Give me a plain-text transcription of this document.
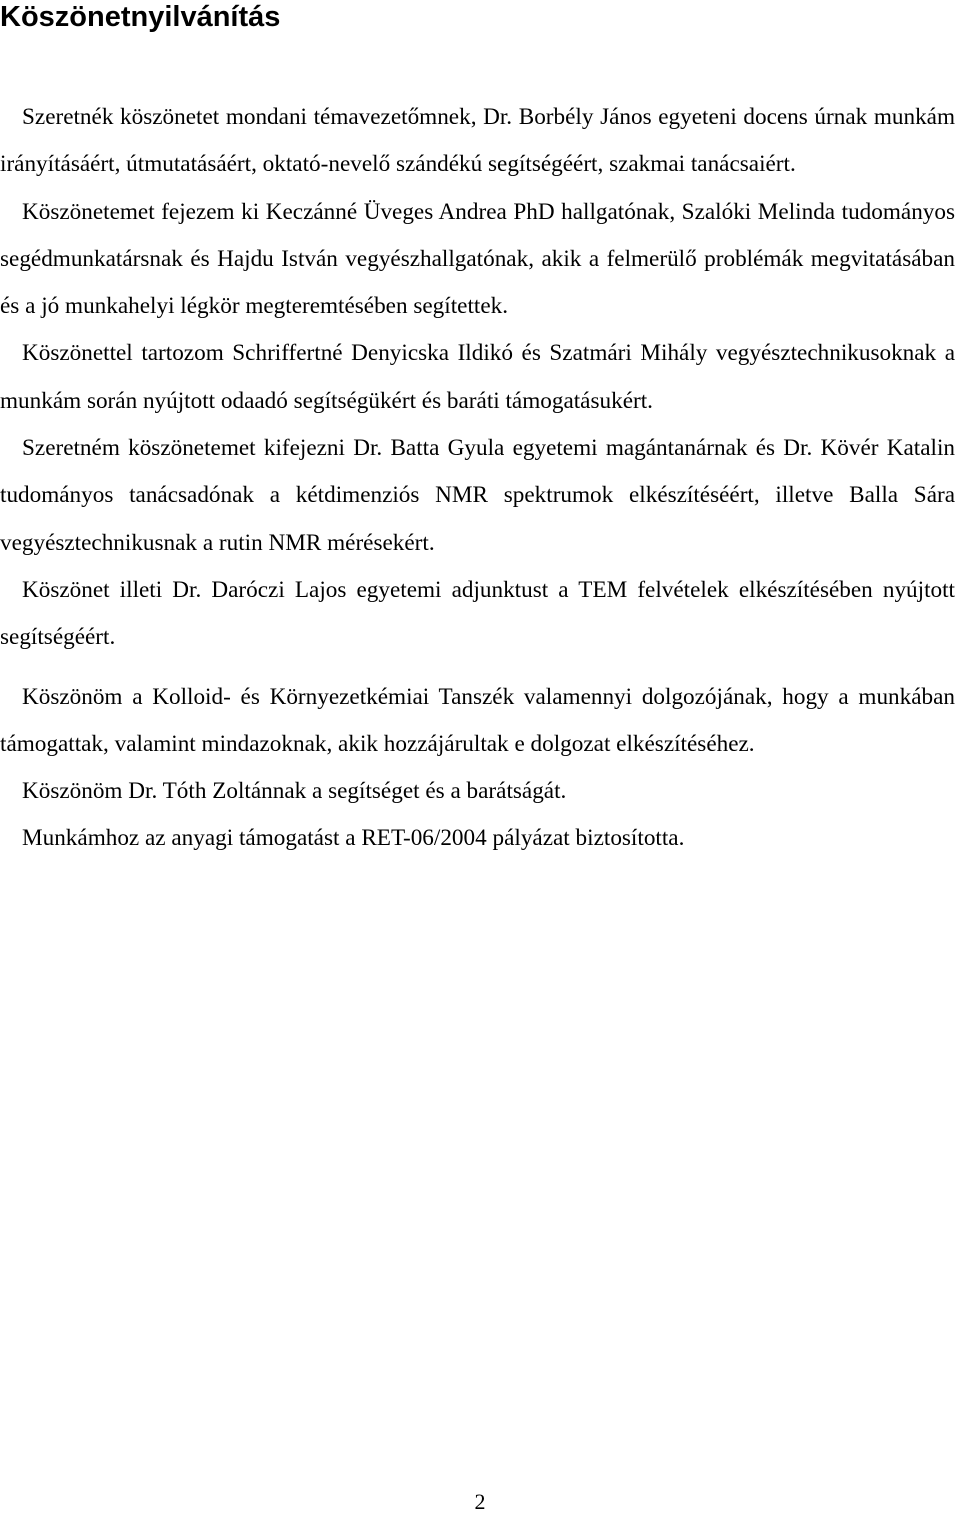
Köszönetnyilvánítás

Szeretnék köszönetet mondani témavezetőmnek, Dr. Borbély János egyeteni docens úrnak munkám irányításáért, útmutatásáért, oktató-nevelő szándékú segítségéért, szakmai tanácsaiért.

Köszönetemet fejezem ki Keczánné Üveges Andrea PhD hallgatónak, Szalóki Melinda tudományos segédmunkatársnak és Hajdu István vegyészhallgatónak, akik a felmerülő problémák megvitatásában és a jó munkahelyi légkör megteremtésében segítettek.

Köszönettel tartozom Schriffertné Denyicska Ildikó és Szatmári Mihály vegyésztechnikusoknak a munkám során nyújtott odaadó segítségükért és baráti támogatásukért.

Szeretném köszönetemet kifejezni Dr. Batta Gyula egyetemi magántanárnak és Dr. Kövér Katalin tudományos tanácsadónak a kétdimenziós NMR spektrumok elkészítéséért, illetve Balla Sára vegyésztechnikusnak a rutin NMR mérésekért.

Köszönet illeti Dr. Daróczi Lajos egyetemi adjunktust a TEM felvételek elkészítésében nyújtott segítségéért.

Köszönöm a Kolloid- és Környezetkémiai Tanszék valamennyi dolgozójának, hogy a munkában támogattak, valamint mindazoknak, akik hozzájárultak e dolgozat elkészítéséhez.

Köszönöm Dr. Tóth Zoltánnak a segítséget és a barátságát.

Munkámhoz az anyagi támogatást a RET-06/2004 pályázat biztosította.

2
